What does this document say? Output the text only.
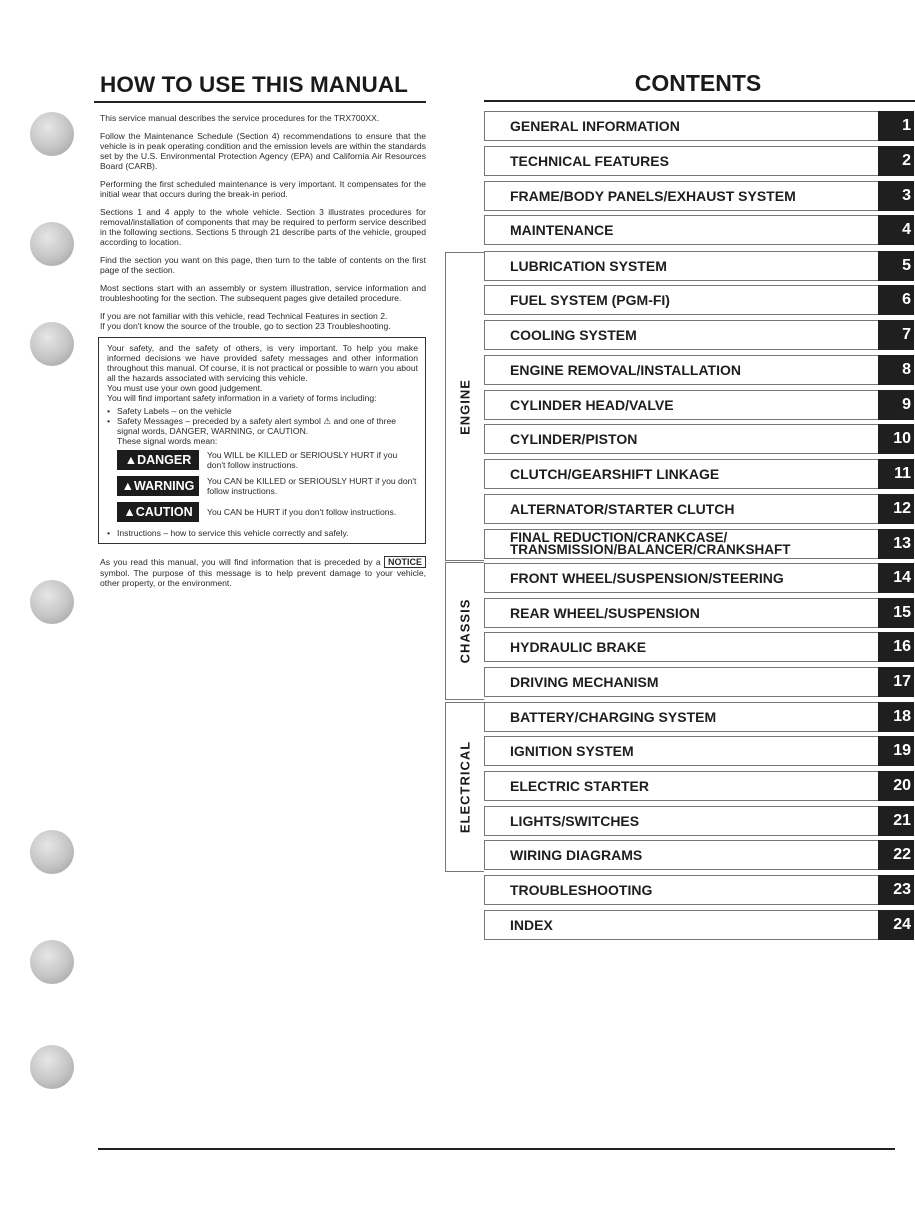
HOW TO USE THIS MANUAL

This service manual describes the service procedures for the TRX700XX.

Follow the Maintenance Schedule (Section 4) recommendations to ensure that the vehicle is in peak operating condition and the emission levels are within the standards set by the U.S. Environmental Protection Agency (EPA) and California Air Resources Board (CARB).

Performing the first scheduled maintenance is very important. It compensates for the initial wear that occurs during the break-in period.

Sections 1 and 4 apply to the whole vehicle. Section 3 illustrates procedures for removal/installation of components that may be required to perform service described in the following sections. Sections 5 through 21 describe parts of the vehicle, grouped according to location.

Find the section you want on this page, then turn to the table of contents on the first page of the section.

Most sections start with an assembly or system illustration, service information and troubleshooting for the section. The subsequent pages give detailed procedure.

If you are not familiar with this vehicle, read Technical Features in section 2.

If you don't know the source of the trouble, go to section 23 Troubleshooting.

Your safety, and the safety of others, is very important. To help you make informed decisions we have provided safety messages and other information throughout this manual. Of course, it is not practical or possible to warn you about all the hazards associated with servicing this vehicle.
You must use your own good judgement.
You will find important safety information in a variety of forms including:
• Safety Labels – on the vehicle
• Safety Messages – preceded by a safety alert symbol ⚠ and one of three signal words, DANGER, WARNING, or CAUTION.
These signal words mean:
▲DANGER	You WILL be KILLED or SERIOUSLY HURT if you don't follow instructions.
▲WARNING	You CAN be KILLED or SERIOUSLY HURT if you don't follow instructions.
▲CAUTION	You CAN be HURT if you don't follow instructions.
• Instructions – how to service this vehicle correctly and safely.

As you read this manual, you will find information that is preceded by a NOTICE symbol. The purpose of this message is to help prevent damage to your vehicle, other property, or the environment.

CONTENTS
ENGINE
CHASSIS
ELECTRICAL
GENERAL INFORMATION	1
TECHNICAL FEATURES	2
FRAME/BODY PANELS/EXHAUST SYSTEM	3
MAINTENANCE	4
LUBRICATION SYSTEM	5
FUEL SYSTEM (PGM-FI)	6
COOLING SYSTEM	7
ENGINE REMOVAL/INSTALLATION	8
CYLINDER HEAD/VALVE	9
CYLINDER/PISTON	10
CLUTCH/GEARSHIFT LINKAGE	11
ALTERNATOR/STARTER CLUTCH	12
FINAL REDUCTION/CRANKCASE/
TRANSMISSION/BALANCER/CRANKSHAFT	13
FRONT WHEEL/SUSPENSION/STEERING	14
REAR WHEEL/SUSPENSION	15
HYDRAULIC BRAKE	16
DRIVING MECHANISM	17
BATTERY/CHARGING SYSTEM	18
IGNITION SYSTEM	19
ELECTRIC STARTER	20
LIGHTS/SWITCHES	21
WIRING DIAGRAMS	22
TROUBLESHOOTING	23
INDEX	24
